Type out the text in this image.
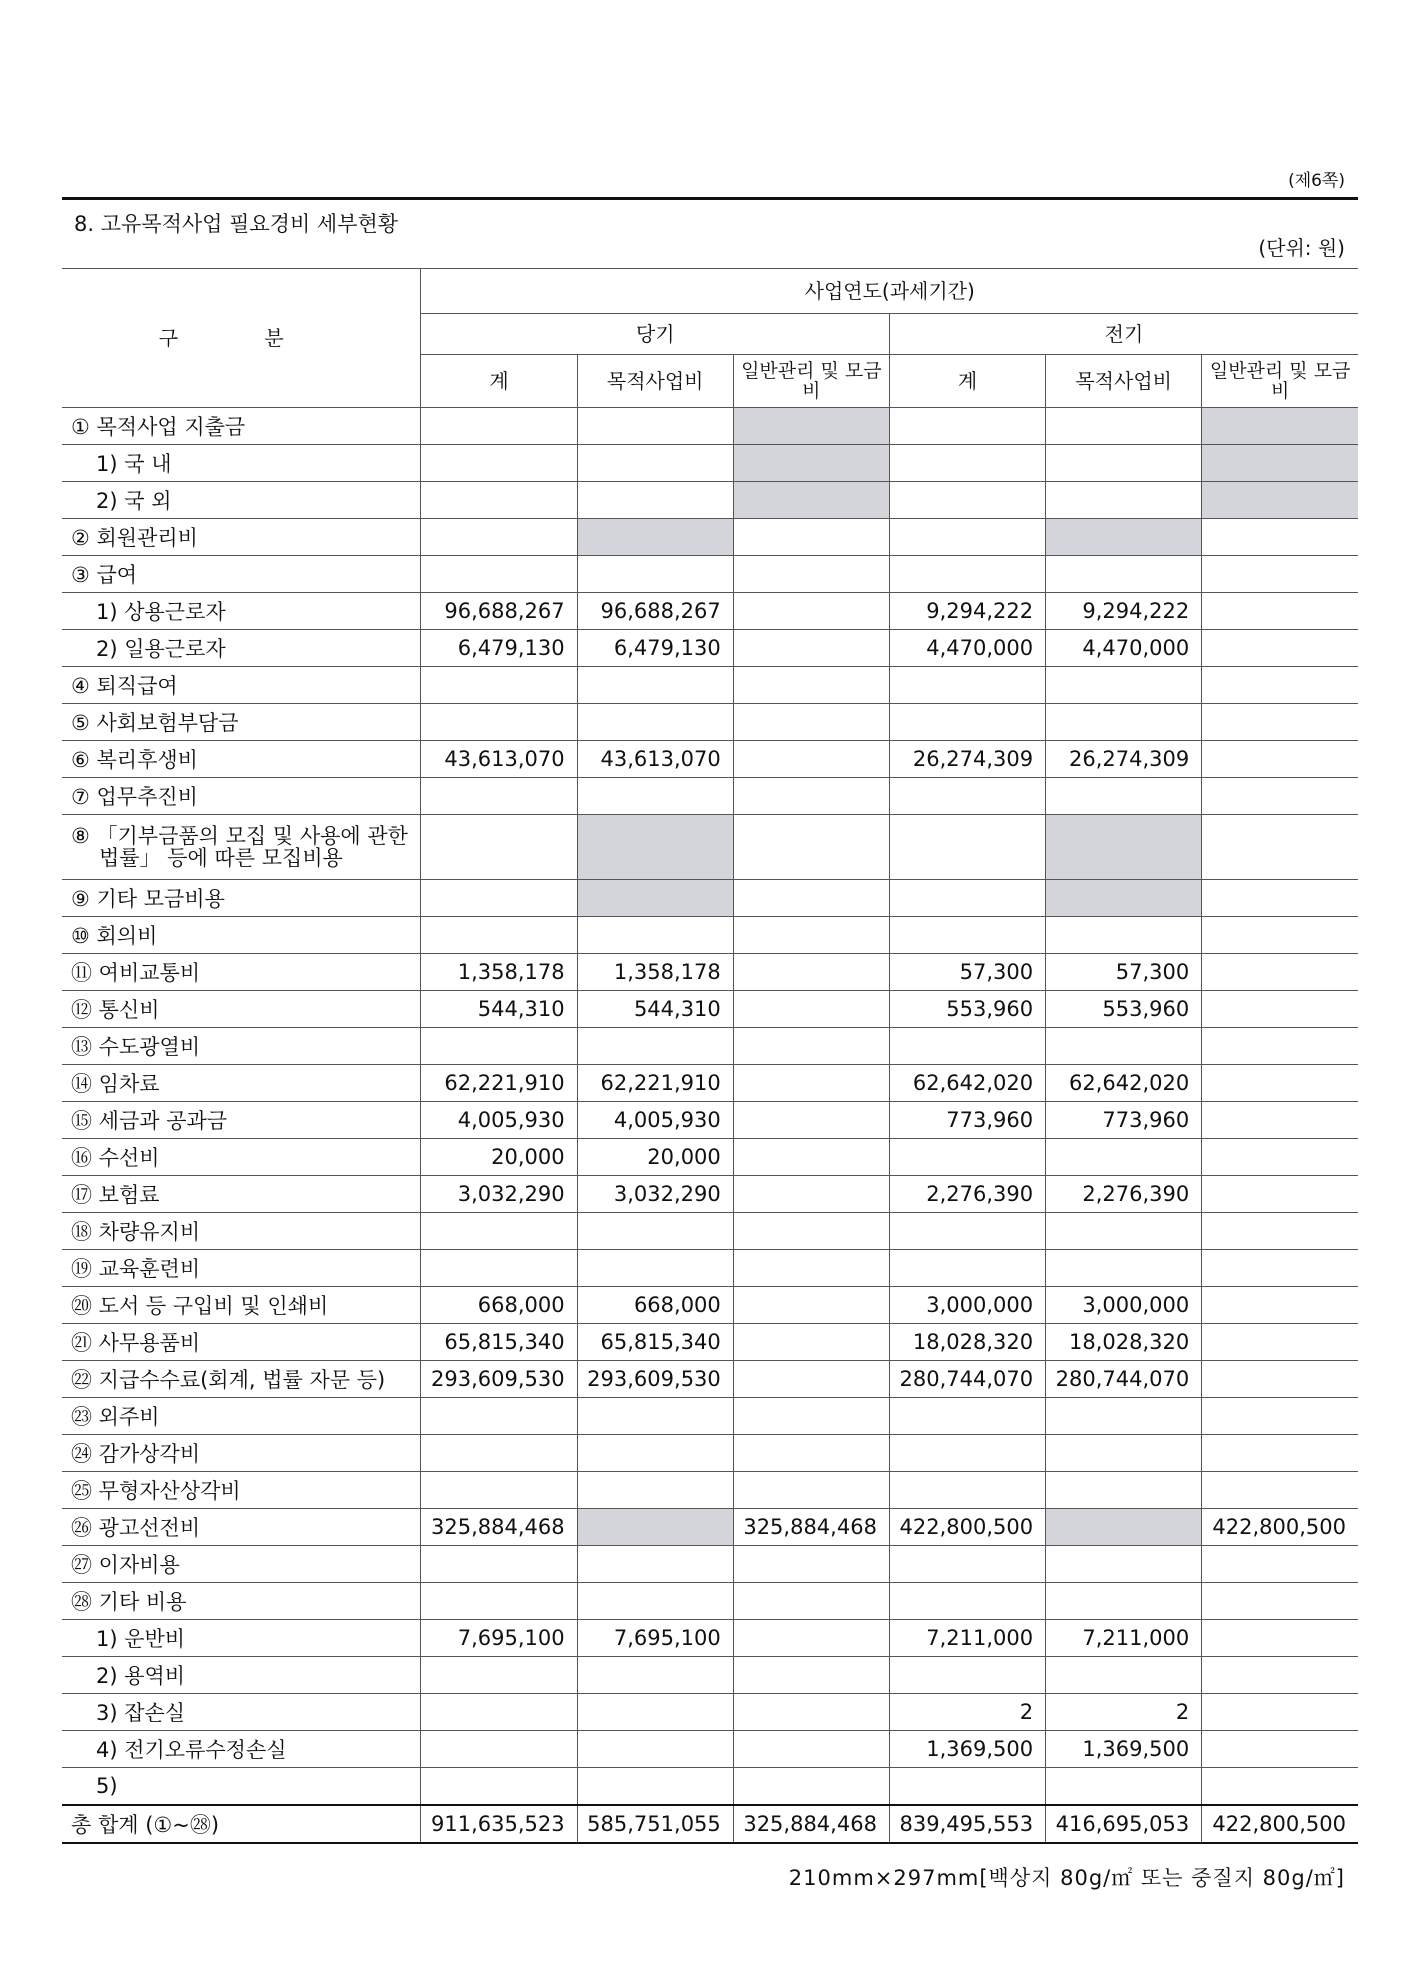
(제6쪽)
8. 고유목적사업 필요경비 세부현황
(단위: 원)
구 분	사업연도(과세기간)					
	당기			전기		
	계	목적사업비	일반관리 및 모금비	계	목적사업비	일반관리 및 모금비
① 목적사업 지출금						
1) 국 내						
2) 국 외						
② 회원관리비						
③ 급여						
1) 상용근로자	96,688,267	96,688,267		9,294,222	9,294,222	
2) 일용근로자	6,479,130	6,479,130		4,470,000	4,470,000	
④ 퇴직급여						
⑤ 사회보험부담금						
⑥ 복리후생비	43,613,070	43,613,070		26,274,309	26,274,309	
⑦ 업무추진비						

⑧ 「기부금품의 모집 및 사용에 관한 법률」 등에 따른 모집비용						

⑨ 기타 모금비용						
⑩ 회의비						
⑪ 여비교통비	1,358,178	1,358,178		57,300	57,300	
⑫ 통신비	544,310	544,310		553,960	553,960	
⑬ 수도광열비						
⑭ 임차료	62,221,910	62,221,910		62,642,020	62,642,020	
⑮ 세금과 공과금	4,005,930	4,005,930		773,960	773,960	
⑯ 수선비	20,000	20,000				
⑰ 보험료	3,032,290	3,032,290		2,276,390	2,276,390	
⑱ 차량유지비						
⑲ 교육훈련비						
⑳ 도서 등 구입비 및 인쇄비	668,000	668,000		3,000,000	3,000,000	
㉑ 사무용품비	65,815,340	65,815,340		18,028,320	18,028,320	
㉒ 지급수수료(회계, 법률 자문 등)	293,609,530	293,609,530		280,744,070	280,744,070	
㉓ 외주비						
㉔ 감가상각비						
㉕ 무형자산상각비						
㉖ 광고선전비	325,884,468		325,884,468	422,800,500		422,800,500
㉗ 이자비용						
㉘ 기타 비용						
1) 운반비	7,695,100	7,695,100		7,211,000	7,211,000	
2) 용역비						
3) 잡손실				2	2	
4) 전기오류수정손실				1,369,500	1,369,500	
5)						
총 합계 (①~㉘)	911,635,523	585,751,055	325,884,468	839,495,553	416,695,053	422,800,500
210mm×297mm[백상지 80g/㎡ 또는 중질지 80g/㎡]
